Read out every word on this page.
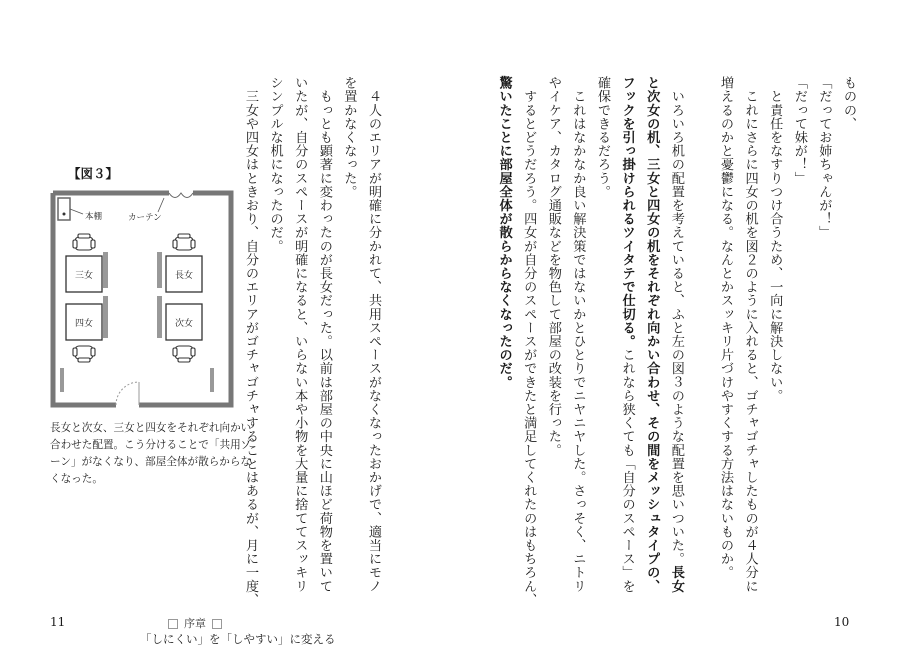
ものの、
「だってお姉ちゃんが！」
「だって妹が！」
　と責任をなすりつけ合うため、一向に解決しない。
　これにさらに四女の机を図２のように入れると、ゴチャゴチャしたものが４人分に
増えるのかと憂鬱になる。なんとかスッキリ片づけやすくする方法はないものか。
　いろいろ机の配置を考えていると、ふと左の図３のような配置を思いついた。長女
と次女の机、三女と四女の机をそれぞれ向かい合わせ、その間をメッシュタイプの、
フックを引っ掛けられるツイタテで仕切る。これなら狭くても「自分のスペース」を
確保できるだろう。
　これはなかなか良い解決策ではないかとひとりでニヤニヤした。さっそく、ニトリ
やイケア、カタログ通販などを物色して部屋の改装を行った。
　するとどうだろう。四女が自分のスペースができたと満足してくれたのはもちろん、
驚いたことに部屋全体が散らからなくなったのだ。
10
　４人のエリアが明確に分かれて、共用スペースがなくなったおかげで、適当にモノ
を置かなくなった。
　もっとも顕著に変わったのが長女だった。以前は部屋の中央に山ほど荷物を置いて
いたが、自分のスペースが明確になると、いらない本や小物を大量に捨ててスッキリ
シンプルな机になったのだ。
　三女や四女はときおり、自分のエリアがゴチャゴチャすることはあるが、月に一度、
11
【図３】
本棚	カーテン
三女	長女
四女	次女
長女と次女、三女と四女をそれぞれ向かい合わせた配置。こう分けることで「共用ゾーン」がなくなり、部屋全体が散らからなくなった。
序章
「しにくい」を「しやすい」に変える
